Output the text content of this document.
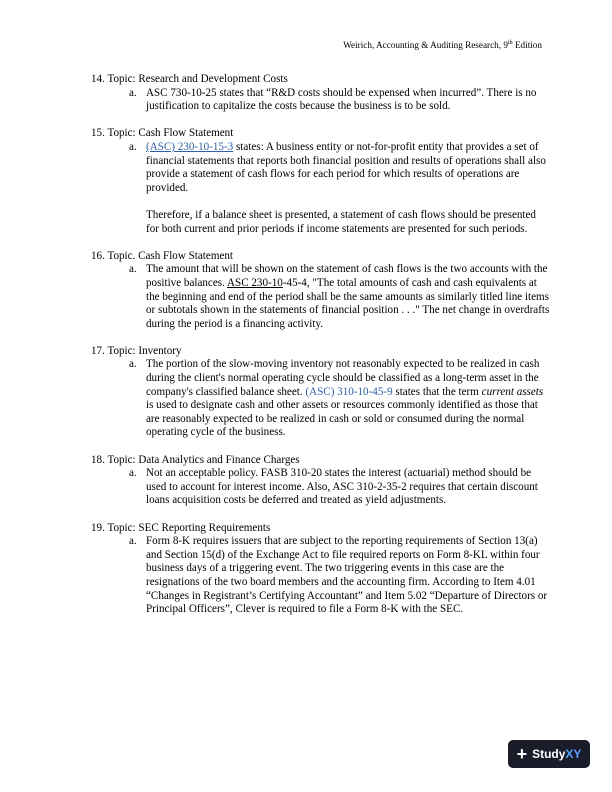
Weirich, Accounting & Auditing Research, 9th Edition
14. Topic: Research and Development Costs
a. ASC 730-10-25 states that “R&D costs should be expensed when incurred”. There is no justification to capitalize the costs because the business is to be sold.
15. Topic: Cash Flow Statement
a. (ASC) 230-10-15-3 states: A business entity or not-for-profit entity that provides a set of financial statements that reports both financial position and results of operations shall also provide a statement of cash flows for each period for which results of operations are provided.
Therefore, if a balance sheet is presented, a statement of cash flows should be presented for both current and prior periods if income statements are presented for such periods.
16. Topic. Cash Flow Statement
a. The amount that will be shown on the statement of cash flows is the two accounts with the positive balances. ASC 230-10-45-4, "The total amounts of cash and cash equivalents at the beginning and end of the period shall be the same amounts as similarly titled line items or subtotals shown in the statements of financial position . . ." The net change in overdrafts during the period is a financing activity.
17. Topic: Inventory
a. The portion of the slow-moving inventory not reasonably expected to be realized in cash during the client's normal operating cycle should be classified as a long-term asset in the company's classified balance sheet. (ASC) 310-10-45-9 states that the term current assets is used to designate cash and other assets or resources commonly identified as those that are reasonably expected to be realized in cash or sold or consumed during the normal operating cycle of the business.
18. Topic: Data Analytics and Finance Charges
a. Not an acceptable policy. FASB 310-20 states the interest (actuarial) method should be used to account for interest income. Also, ASC 310-2-35-2 requires that certain discount loans acquisition costs be deferred and treated as yield adjustments.
19. Topic: SEC Reporting Requirements
a. Form 8-K requires issuers that are subject to the reporting requirements of Section 13(a) and Section 15(d) of the Exchange Act to file required reports on Form 8-KL within four business days of a triggering event. The two triggering events in this case are the resignations of the two board members and the accounting firm. According to Item 4.01 “Changes in Registrant’s Certifying Accountant” and Item 5.02 “Departure of Directors or Principal Officers”, Clever is required to file a Form 8-K with the SEC.
+ StudyXY
